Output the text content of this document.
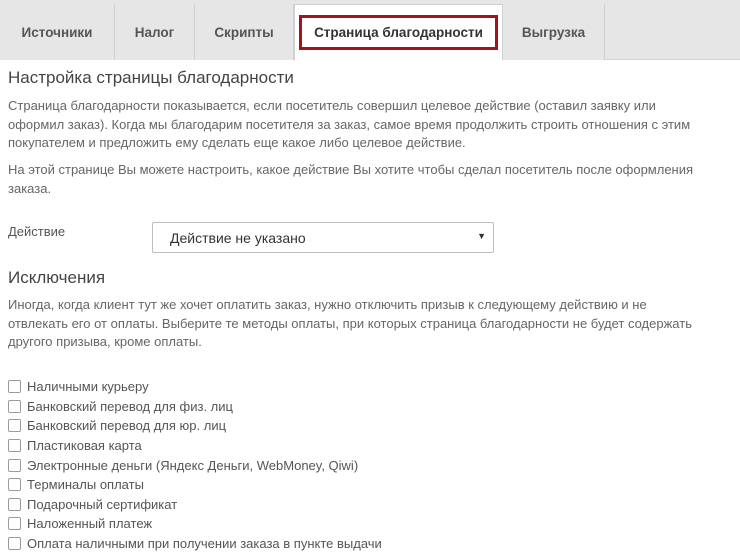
Источники	Налог	Скрипты	Страница благодарности	Выгрузка
Настройка страницы благодарности

Страница благодарности показывается, если посетитель совершил целевое действие (оставил заявку или оформил заказ). Когда мы благодарим посетителя за заказ, самое время продолжить строить отношения с этим покупателем и предложить ему сделать еще какое либо целевое действие.

На этой странице Вы можете настроить, какое действие Вы хотите чтобы сделал посетитель после оформления заказа.

Действие	Действие не указано	▼
Исключения

Иногда, когда клиент тут же хочет оплатить заказ, нужно отключить призыв к следующему действию и не отвлекать его от оплаты. Выберите те методы оплаты, при которых страница благодарности не будет содержать другого призыва, кроме оплаты.

Наличными курьеру
Банковский перевод для физ. лиц
Банковский перевод для юр. лиц
Пластиковая карта
Электронные деньги (Яндекс Деньги, WebMoney, Qiwi)
Терминалы оплаты
Подарочный сертификат
Наложенный платеж
Оплата наличными при получении заказа в пункте выдачи
